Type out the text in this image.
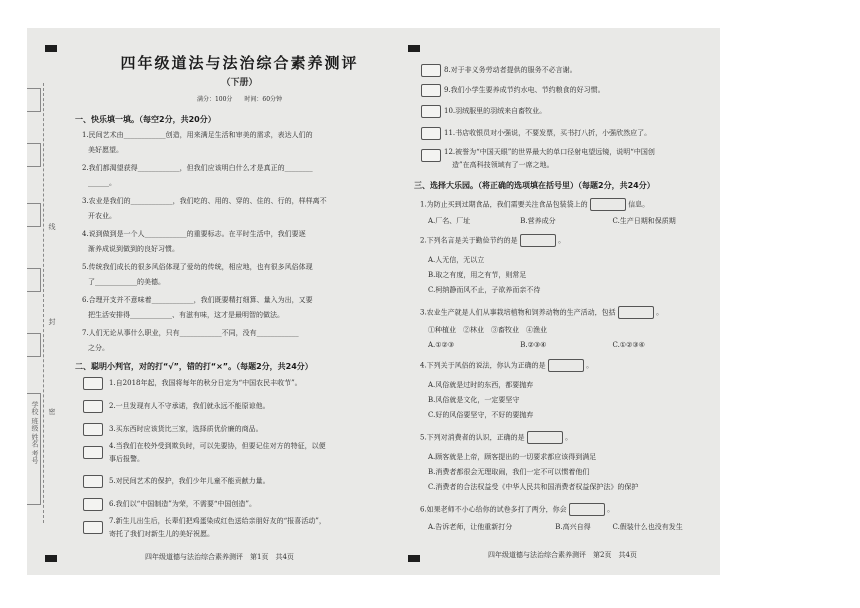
线
封
密
学校 班级 姓名 考号
四年级道法与法治综合素养测评
（下册）
满分：100分　　时间：60分钟
一、快乐填一填。（每空2分，共20分）
1.民间艺术由____________创造，用来满足生活和审美的需求，表达人们的
美好愿望。
2.我们都渴望获得____________，但我们应该明白什么才是真正的________
______。
3.农业是我们的____________，我们吃的、用的、穿的、住的、行的，样样离不
开农业。
4.说到做到是一个人____________的重要标志。在平时生活中，我们要逐
渐养成说到做到的良好习惯。
5.传统我们成长的很多风俗体现了爱幼的传统，相应地，也有很多风俗体现
了____________的美德。
6.合理开支并不意味着____________，我们既要精打细算、量入为出，又要
把生活安排得____________、有滋有味，这才是最明智的做法。
7.人们无论从事什么职业，只有____________不同，没有____________
之分。
二、聪明小判官，对的打“√”，错的打“×”。（每题2分，共24分）
1.自2018年起，我国将每年的秋分日定为“中国农民丰收节”。
2.一旦发现有人不守承诺，我们就永远不能原谅他。
3.买东西时应该货比三家，选择质优价廉的商品。
4.当我们在校外受到欺负时，可以先要协，但要记住对方的特征，以便
事后报警。
5.对民间艺术的保护，我们少年儿童不能贡献力量。
6.我们以“中国制造”为荣，不需要“中国创造”。
7.新生儿出生后，长辈们把鸡蛋染成红色送给亲朋好友的“报喜活动”，
寄托了我们对新生儿的美好祝愿。
四年级道德与法治综合素养测评　第1页　共4页
8.对于非义务劳动者提供的服务不必言谢。
9.我们小学生要养成节约水电、节约粮食的好习惯。
10.羽绒服里的羽绒来自畜牧业。
11.书店收银员对小强说，不要发票，买书打八折，小强欣然应了。
12.被誉为“中国天眼”的世界最大的单口径射电望远镜，说明“中国创
造”在高科技领域有了一席之地。
三、选择大乐园。（将正确的选项填在括号里）（每题2分，共24分）
1.为防止买到过期食品，我们需要关注食品包装袋上的	信息。
A.厂名、厂址	B.营养成分	C.生产日期和保质期
2.下列名言是关于勤俭节约的是	。
A.人无信，无以立
B.取之有度，用之有节，则常足
C.柯纳静而风不止，子欲养而亲不待
3.农业生产就是人们从事栽培植物和饲养动物的生产活动，包括	。
①种植业　②林业　③畜牧业　④渔业
A.①②③	B.②③④	C.①②③④
4.下列关于风俗的说法，你认为正确的是	。
A.风俗就是过时的东西，都要抛弃
B.风俗就是文化，一定要坚守
C.好的风俗要坚守，不好的要抛弃
5.下列对消费者的认识，正确的是	。
A.顾客就是上帝，顾客提出的一切要求都应该得到满足
B.消费者都很会无理取闹，我们一定不可以惯着他们
C.消费者的合法权益受《中华人民共和国消费者权益保护法》的保护
6.如果老师不小心给你的试卷多打了两分，你会	。
A.告诉老师，让他重新打分	B.高兴自得	C.假装什么也没有发生
四年级道德与法治综合素养测评　第2页　共4页
